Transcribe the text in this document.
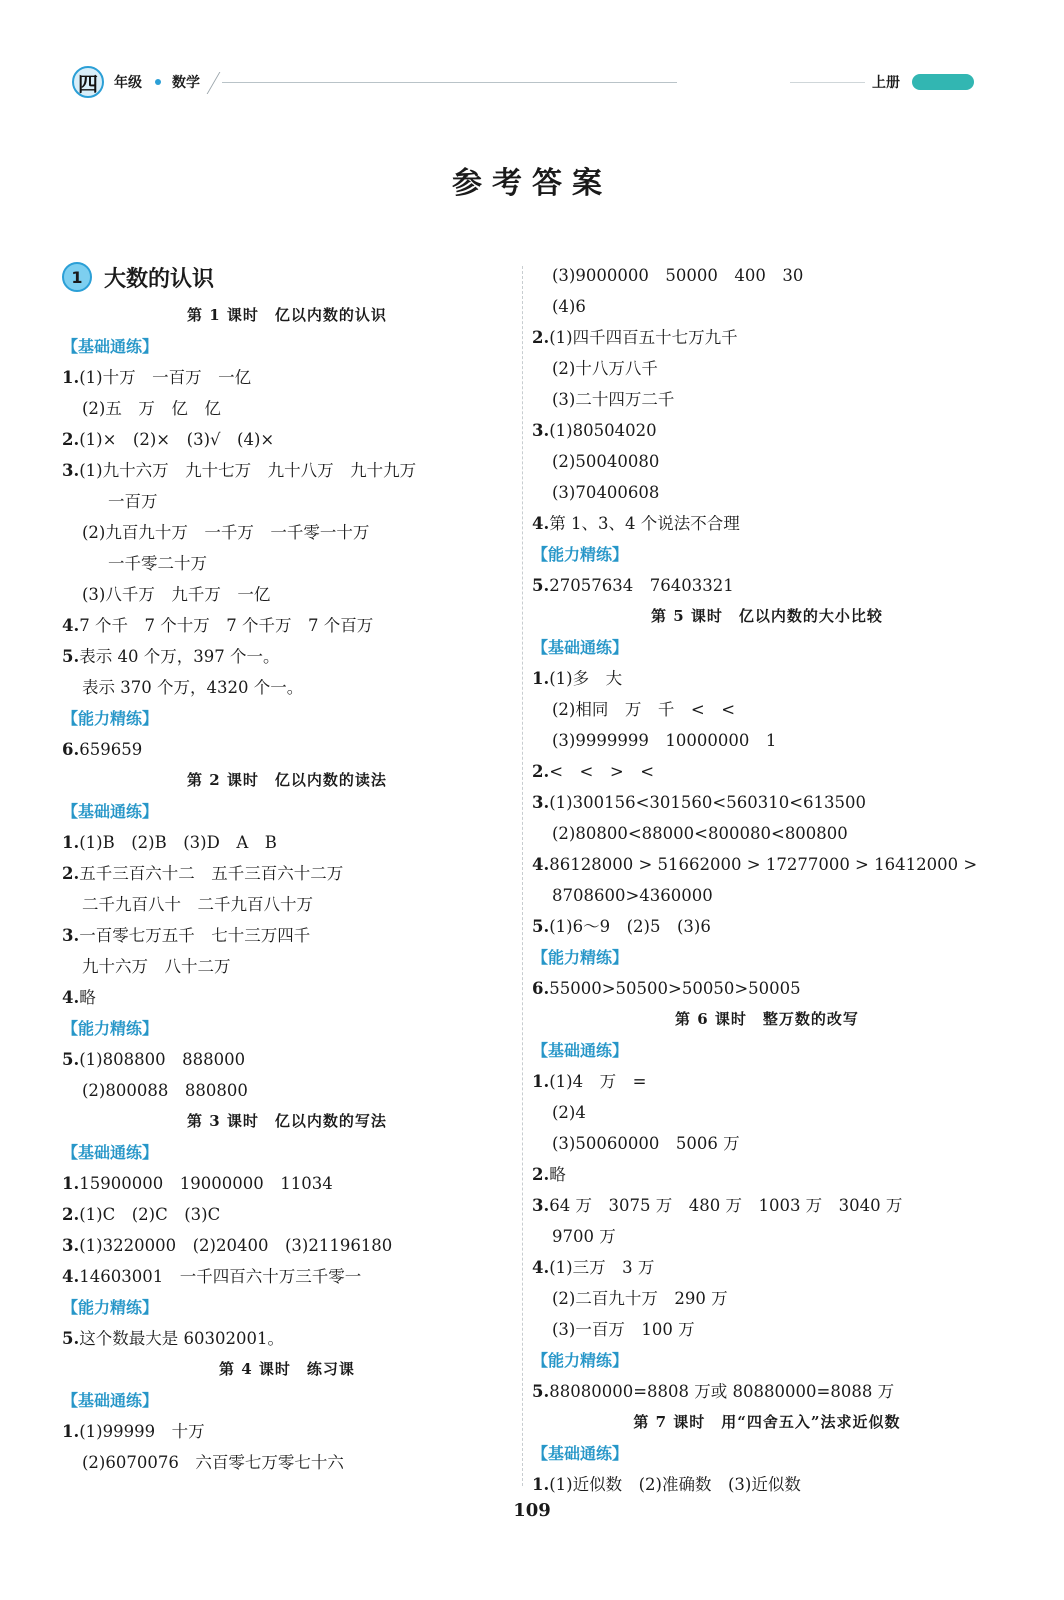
四	年级 数学	上册
参考答案
1 大数的认识
第 1 课时　亿以内数的认识
【基础通练】
1.(1)十万　一百万　一亿
(2)五　万　亿　亿
2.(1)×　(2)×　(3)√　(4)×
3.(1)九十六万　九十七万　九十八万　九十九万
一百万
(2)九百九十万　一千万　一千零一十万
一千零二十万
(3)八千万　九千万　一亿
4.7 个千　7 个十万　7 个千万　7 个百万
5.表示 40 个万，397 个一。
表示 370 个万，4320 个一。
【能力精练】
6.659659
第 2 课时　亿以内数的读法
【基础通练】
1.(1)B　(2)B　(3)D　A　B
2.五千三百六十二　五千三百六十二万
二千九百八十　二千九百八十万
3.一百零七万五千　七十三万四千
九十六万　八十二万
4.略
【能力精练】
5.(1)808800　888000
(2)800088　880800
第 3 课时　亿以内数的写法
【基础通练】
1.15900000　19000000　11034
2.(1)C　(2)C　(3)C
3.(1)3220000　(2)20400　(3)21196180
4.14603001　一千四百六十万三千零一
【能力精练】
5.这个数最大是 60302001。
第 4 课时　练习课
【基础通练】
1.(1)99999　十万
(2)6070076　六百零七万零七十六
(3)9000000　50000　400　30
(4)6
2.(1)四千四百五十七万九千
(2)十八万八千
(3)二十四万二千
3.(1)80504020
(2)50040080
(3)70400608
4.第 1、3、4 个说法不合理
【能力精练】
5.27057634　76403321
第 5 课时　亿以内数的大小比较
【基础通练】
1.(1)多　大
(2)相同　万　千　<　<
(3)9999999　10000000　1
2.<　<　>　<
3.(1)300156<301560<560310<613500
(2)80800<88000<800080<800800
4.86128000 > 51662000 > 17277000 > 16412000 >
8708600>4360000
5.(1)6～9　(2)5　(3)6
【能力精练】
6.55000>50500>50050>50005
第 6 课时　整万数的改写
【基础通练】
1.(1)4　万　=
(2)4
(3)50060000　5006 万
2.略
3.64 万　3075 万　480 万　1003 万　3040 万
9700 万
4.(1)三万　3 万
(2)二百九十万　290 万
(3)一百万　100 万
【能力精练】
5.88080000=8808 万或 80880000=8088 万
第 7 课时　用“四舍五入”法求近似数
【基础通练】
1.(1)近似数　(2)准确数　(3)近似数
109
